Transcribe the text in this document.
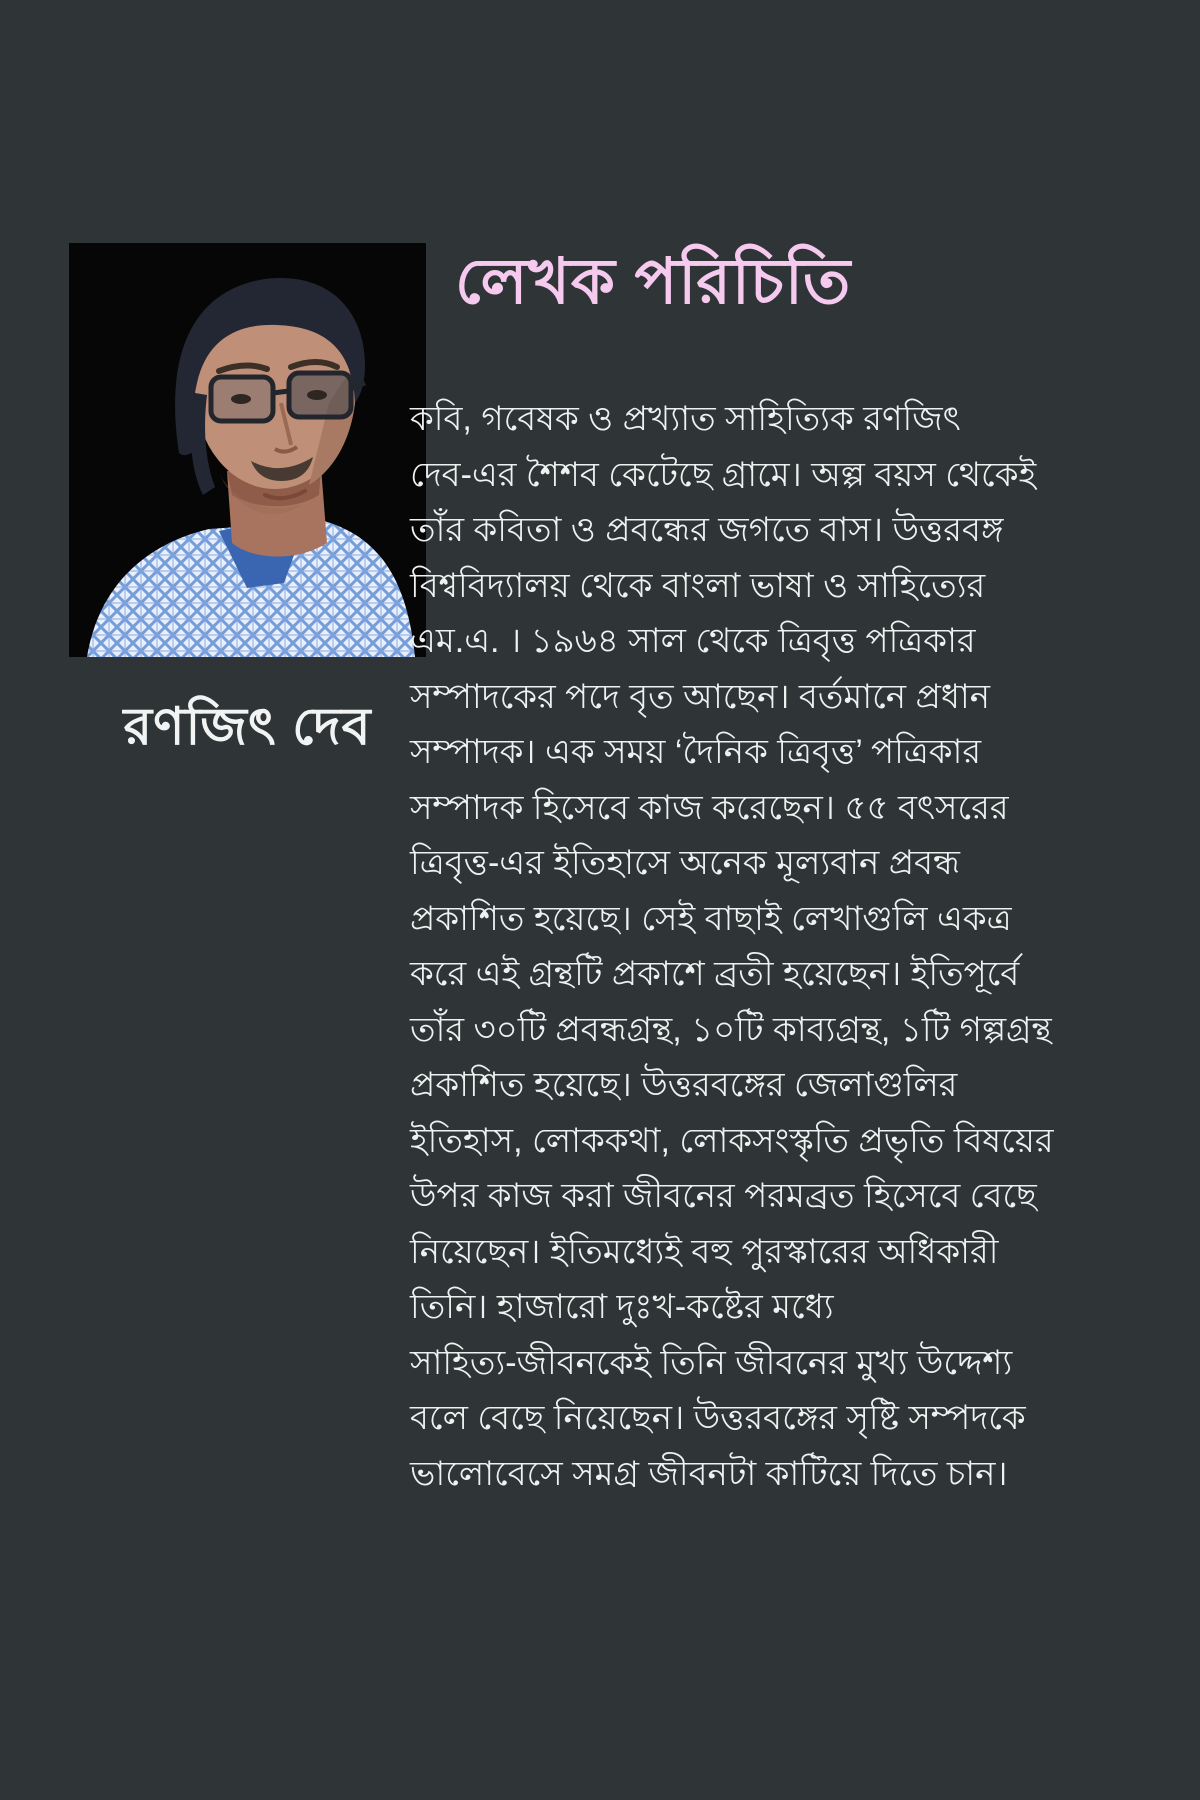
লেখক পরিচিতি
রণজিৎ দেব
কবি, গবেষক ও প্রখ্যাত সাহিত্যিক রণজিৎ
দেব-এর শৈশব কেটেছে গ্রামে। অল্প বয়স থেকেই
তাঁর কবিতা ও প্রবন্ধের জগতে বাস। উত্তরবঙ্গ
বিশ্ববিদ্যালয় থেকে বাংলা ভাষা ও সাহিত্যের
এম.এ. । ১৯৬৪ সাল থেকে ত্রিবৃত্ত পত্রিকার
সম্পাদকের পদে বৃত আছেন। বর্তমানে প্রধান
সম্পাদক। এক সময় ‘দৈনিক ত্রিবৃত্ত’ পত্রিকার
সম্পাদক হিসেবে কাজ করেছেন। ৫৫ বৎসরের
ত্রিবৃত্ত-এর ইতিহাসে অনেক মূল্যবান প্রবন্ধ
প্রকাশিত হয়েছে। সেই বাছাই লেখাগুলি একত্র
করে এই গ্রন্থটি প্রকাশে ব্রতী হয়েছেন। ইতিপূর্বে
তাঁর ৩০টি প্রবন্ধগ্রন্থ, ১০টি কাব্যগ্রন্থ, ১টি গল্পগ্রন্থ
প্রকাশিত হয়েছে। উত্তরবঙ্গের জেলাগুলির
ইতিহাস, লোককথা, লোকসংস্কৃতি প্রভৃতি বিষয়ের
উপর কাজ করা জীবনের পরমব্রত হিসেবে বেছে
নিয়েছেন। ইতিমধ্যেই বহু পুরস্কারের অধিকারী
তিনি। হাজারো দুঃখ-কষ্টের মধ্যে
সাহিত্য-জীবনকেই তিনি জীবনের মুখ্য উদ্দেশ্য
বলে বেছে নিয়েছেন। উত্তরবঙ্গের সৃষ্টি সম্পদকে
ভালোবেসে সমগ্র জীবনটা কাটিয়ে দিতে চান।
